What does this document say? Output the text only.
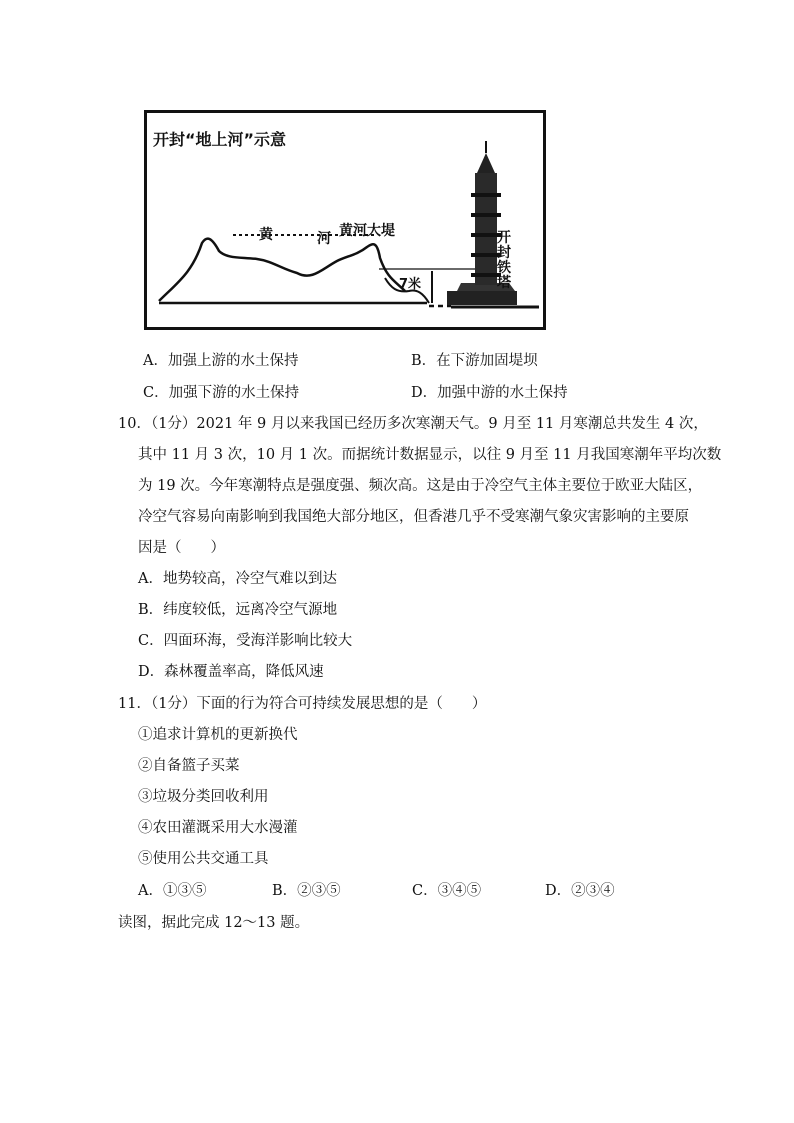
开封“地上河”示意
黄	河 黄河大堤
7米
开封
铁塔
A．加强上游的水土保持	B．在下游加固堤坝
C．加强下游的水土保持	D．加强中游的水土保持
10．（1分）2021 年 9 月以来我国已经历多次寒潮天气。9 月至 11 月寒潮总共发生 4 次，
其中 11 月 3 次，10 月 1 次。而据统计数据显示，以往 9 月至 11 月我国寒潮年平均次数
为 19 次。今年寒潮特点是强度强、频次高。这是由于冷空气主体主要位于欧亚大陆区，
冷空气容易向南影响到我国绝大部分地区，但香港几乎不受寒潮气象灾害影响的主要原
因是（　　）
A．地势较高，冷空气难以到达
B．纬度较低，远离冷空气源地
C．四面环海，受海洋影响比较大
D．森林覆盖率高，降低风速
11．（1分）下面的行为符合可持续发展思想的是（　　）
①追求计算机的更新换代
②自备篮子买菜
③垃圾分类回收利用
④农田灌溉采用大水漫灌
⑤使用公共交通工具
A．①③⑤	B．②③⑤	C．③④⑤	D．②③④
读图，据此完成 12～13 题。
